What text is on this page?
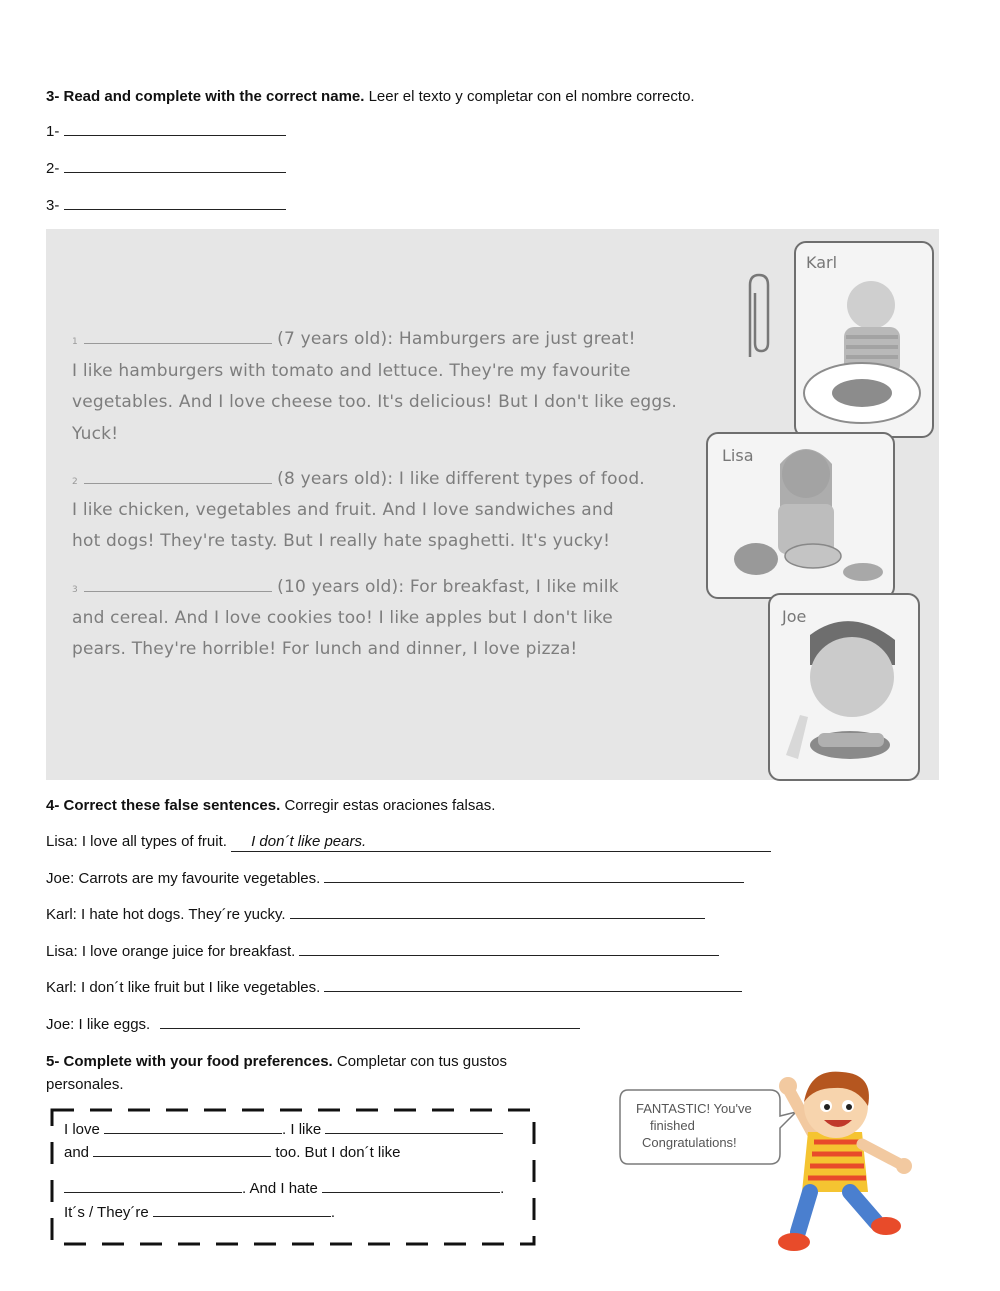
3- Read and complete with the correct name. Leer el texto y completar con el nombre correcto.
1-
2-
3-
1	(7 years old): Hamburgers are just great!
I like hamburgers with tomato and lettuce. They're my favourite
vegetables. And I love cheese too. It's delicious! But I don't like eggs.
Yuck!
2	(8 years old): I like different types of food.
I like chicken, vegetables and fruit. And I love sandwiches and
hot dogs! They're tasty. But I really hate spaghetti. It's yucky!
3	(10 years old): For breakfast, I like milk
and cereal. And I love cookies too! I like apples but I don't like
pears. They're horrible! For lunch and dinner, I love pizza!
Karl
Lisa
Joe
4- Correct these false sentences. Corregir estas oraciones falsas.
Lisa: I love all types of fruit. I don´t like pears.
Joe: Carrots are my favourite vegetables.
Karl: I hate hot dogs. They´re yucky.
Lisa: I love orange juice for breakfast.
Karl: I don´t like fruit but I like vegetables.
Joe: I like eggs.
5- Complete with your food preferences. Completar con tus gustos
personales.
I love	. I like
and	too. But I don´t like
. And I hate	.
It´s / They´re	.
FANTASTIC! You've
finished
Congratulations!
